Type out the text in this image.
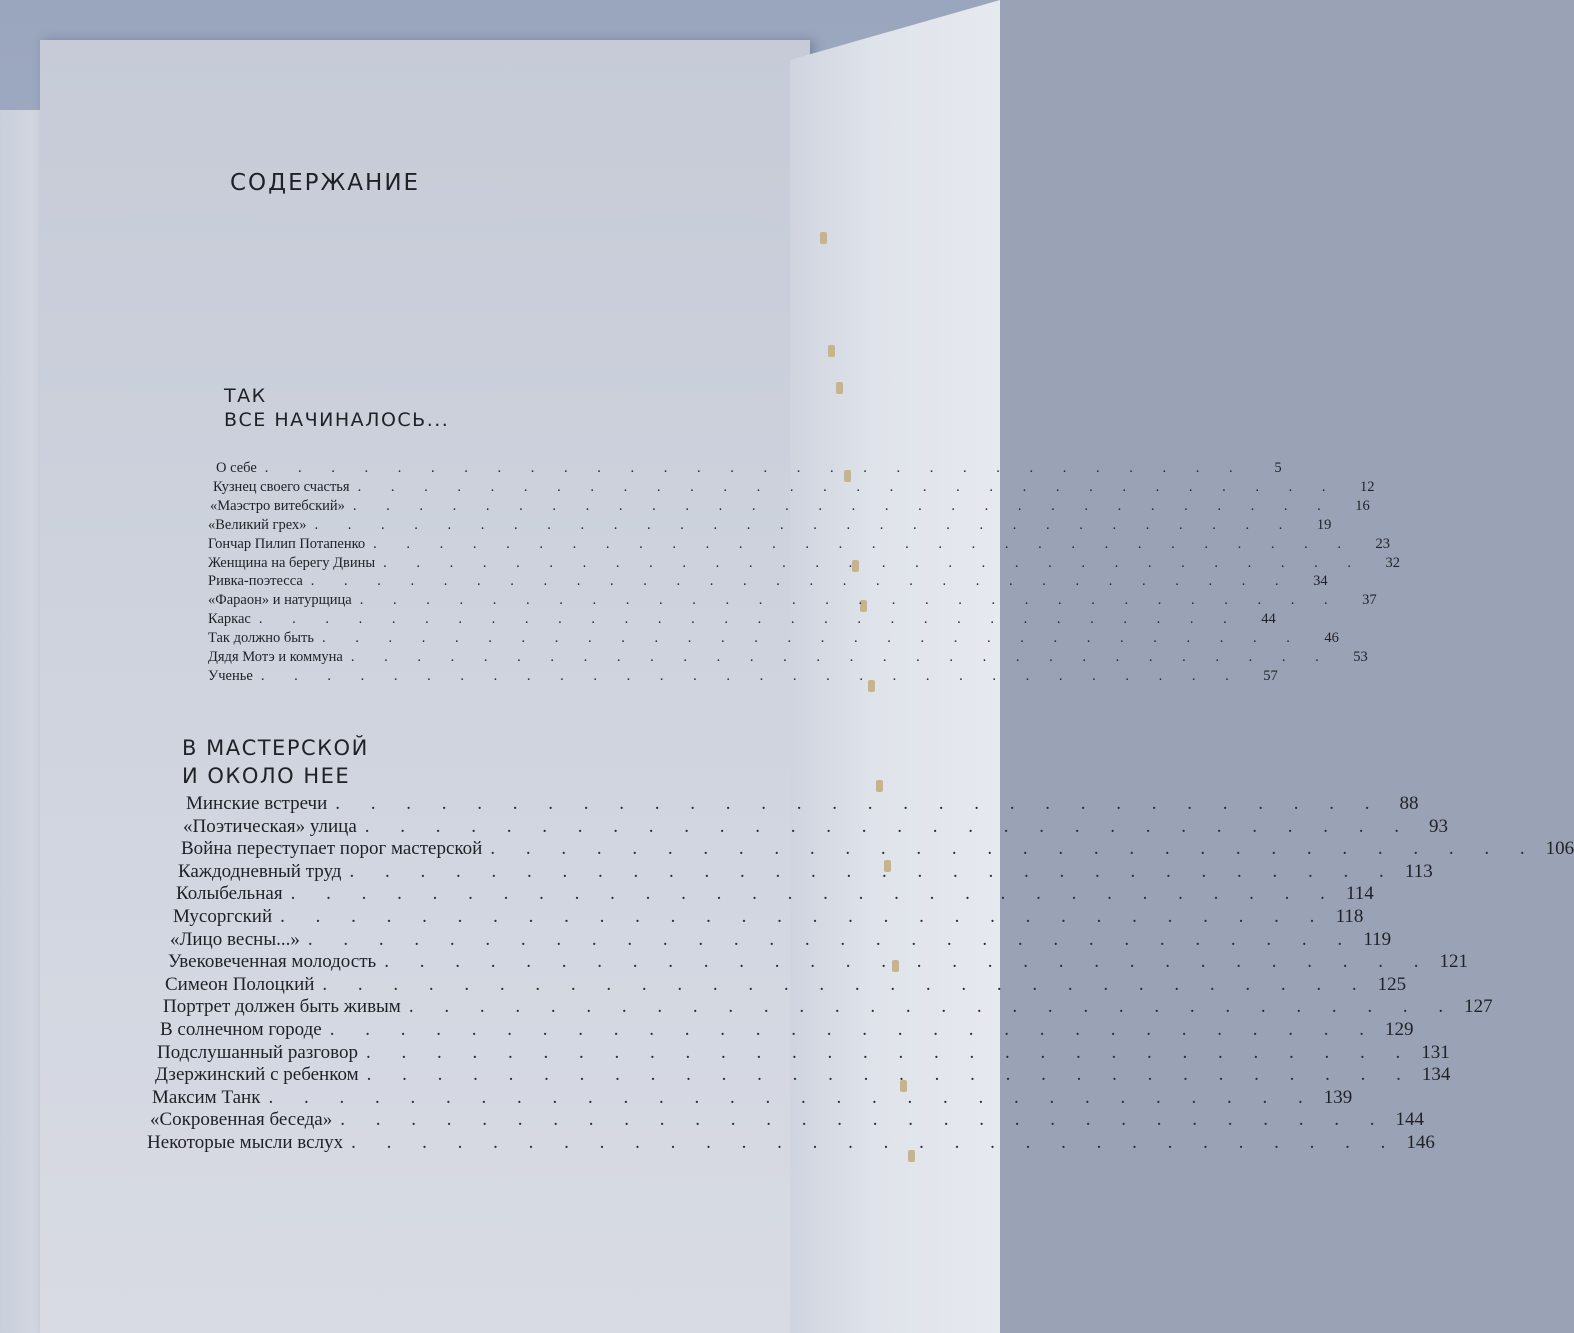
СОДЕРЖАНИЕ
ТАК
ВСЕ НАЧИНАЛОСЬ...
О себе . . . . . . . . . . . . . . . . . . . . . . . . . . . . . .	5
Кузнец своего счастья . . . . . . . . . . . . . . . . . . . . . . . . . . . . . .	12
«Маэстро витебский» . . . . . . . . . . . . . . . . . . . . . . . . . . . . . .	16
«Великий грех» . . . . . . . . . . . . . . . . . . . . . . . . . . . . . .	19
Гончар Пилип Потапенко . . . . . . . . . . . . . . . . . . . . . . . . . . . . . .	23
Женщина на берегу Двины . . . . . . . . . . . . . . . . . . . . . . . . . . . . . .	32
Ривка-поэтесса . . . . . . . . . . . . . . . . . . . . . . . . . . . . . .	34
«Фараон» и натурщица . . . . . . . . . . . . . . . . . . . . . . . . . . . . . .	37
Каркас . . . . . . . . . . . . . . . . . . . . . . . . . . . . . .	44
Так должно быть . . . . . . . . . . . . . . . . . . . . . . . . . . . . . .	46
Дядя Мотэ и коммуна . . . . . . . . . . . . . . . . . . . . . . . . . . . . . .	53
Ученье . . . . . . . . . . . . . . . . . . . . . . . . . . . . . .	57
В МАСТЕРСКОЙ
И ОКОЛО НЕЕ
Минские встречи . . . . . . . . . . . . . . . . . . . . . . . . . . . . . . 88
«Поэтическая» улица . . . . . . . . . . . . . . . . . . . . . . . . . . . . . . 93
Война переступает порог мастерской . . . . . . . . . . . . . . . . . . . . . . . . . . . . . . 106
Каждодневный труд . . . . . . . . . . . . . . . . . . . . . . . . . . . . . . 113
Колыбельная . . . . . . . . . . . . . . . . . . . . . . . . . . . . . . 114
Мусоргский . . . . . . . . . . . . . . . . . . . . . . . . . . . . . . 118
«Лицо весны...» . . . . . . . . . . . . . . . . . . . . . . . . . . . . . . 119
Увековеченная молодость . . . . . . . . . . . . . . . . . . . . . . . . . . . . . . 121
Симеон Полоцкий . . . . . . . . . . . . . . . . . . . . . . . . . . . . . . 125
Портрет должен быть живым . . . . . . . . . . . . . . . . . . . . . . . . . . . . . . 127
В солнечном городе . . . . . . . . . . . . . . . . . . . . . . . . . . . . . . 129
Подслушанный разговор . . . . . . . . . . . . . . . . . . . . . . . . . . . . . . 131
Дзержинский с ребенком . . . . . . . . . . . . . . . . . . . . . . . . . . . . . . 134
Максим Танк . . . . . . . . . . . . . . . . . . . . . . . . . . . . . . 139
«Сокровенная беседа» . . . . . . . . . . . . . . . . . . . . . . . . . . . . . . 144
Некоторые мысли вслух . . . . . . . . . . . . . . . . . . . . . . . . . . . . . . 146
